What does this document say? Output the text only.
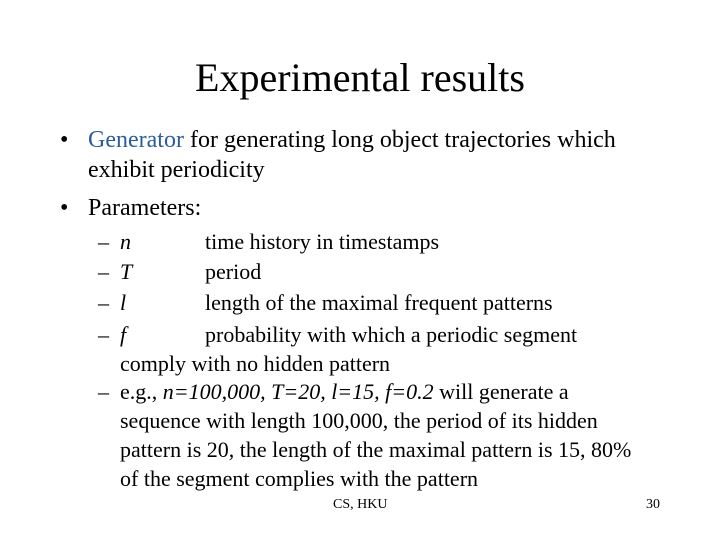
Experimental results
• Generator for generating long object trajectories which exhibit periodicity
• Parameters:
– n	time history in timestamps
– T	period
– l	length of the maximal frequent patterns
– f	probability with which a periodic segment
comply with no hidden pattern
– e.g., n=100,000, T=20, l=15, f=0.2 will generate a sequence with length 100,000, the period of its hidden pattern is 20, the length of the maximal pattern is 15, 80% of the segment complies with the pattern
CS, HKU	30
